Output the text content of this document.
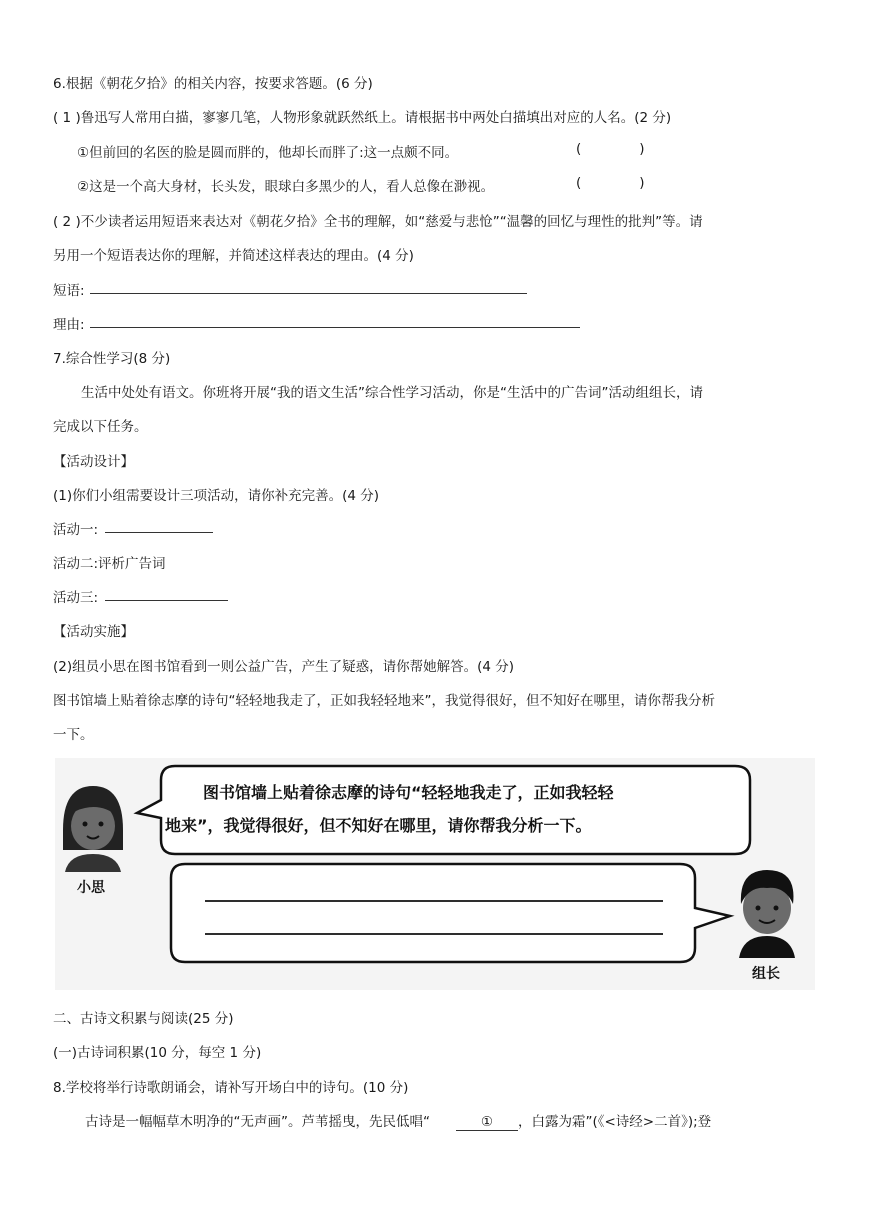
6.根据《朝花夕拾》的相关内容，按要求答题。(6 分)
( 1 )鲁迅写人常用白描，寥寥几笔，人物形象就跃然纸上。请根据书中两处白描填出对应的人名。(2 分)
①但前回的名医的脸是圆而胖的，他却长而胖了:这一点颇不同。	(	)
②这是一个高大身材，长头发，眼球白多黑少的人，看人总像在渺视。	(	)
( 2 )不少读者运用短语来表达对《朝花夕拾》全书的理解，如“慈爱与悲怆”“温馨的回忆与理性的批判”等。请
另用一个短语表达你的理解，并简述这样表达的理由。(4 分)
短语:
理由:
7.综合性学习(8 分)
生活中处处有语文。你班将开展“我的语文生活”综合性学习活动，你是“生活中的广告词”活动组组长，请
完成以下任务。
【活动设计】
(1)你们小组需要设计三项活动，请你补充完善。(4 分)
活动一:
活动二:评析广告词
活动三:
【活动实施】
(2)组员小思在图书馆看到一则公益广告，产生了疑惑，请你帮她解答。(4 分)
图书馆墙上贴着徐志摩的诗句“轻轻地我走了，正如我轻轻地来”，我觉得很好，但不知好在哪里，请你帮我分析
一下。
图书馆墙上贴着徐志摩的诗句“轻轻地我走了，正如我轻轻
地来”，我觉得很好，但不知好在哪里，请你帮我分析一下。
小思
组长
二、古诗文积累与阅读(25 分)
(一)古诗词积累(10 分，每空 1 分)
8.学校将举行诗歌朗诵会，请补写开场白中的诗句。(10 分)
古诗是一幅幅草木明净的“无声画”。芦苇摇曳，先民低唱“	① ，白露为霜”(《<诗经>二首》);登
